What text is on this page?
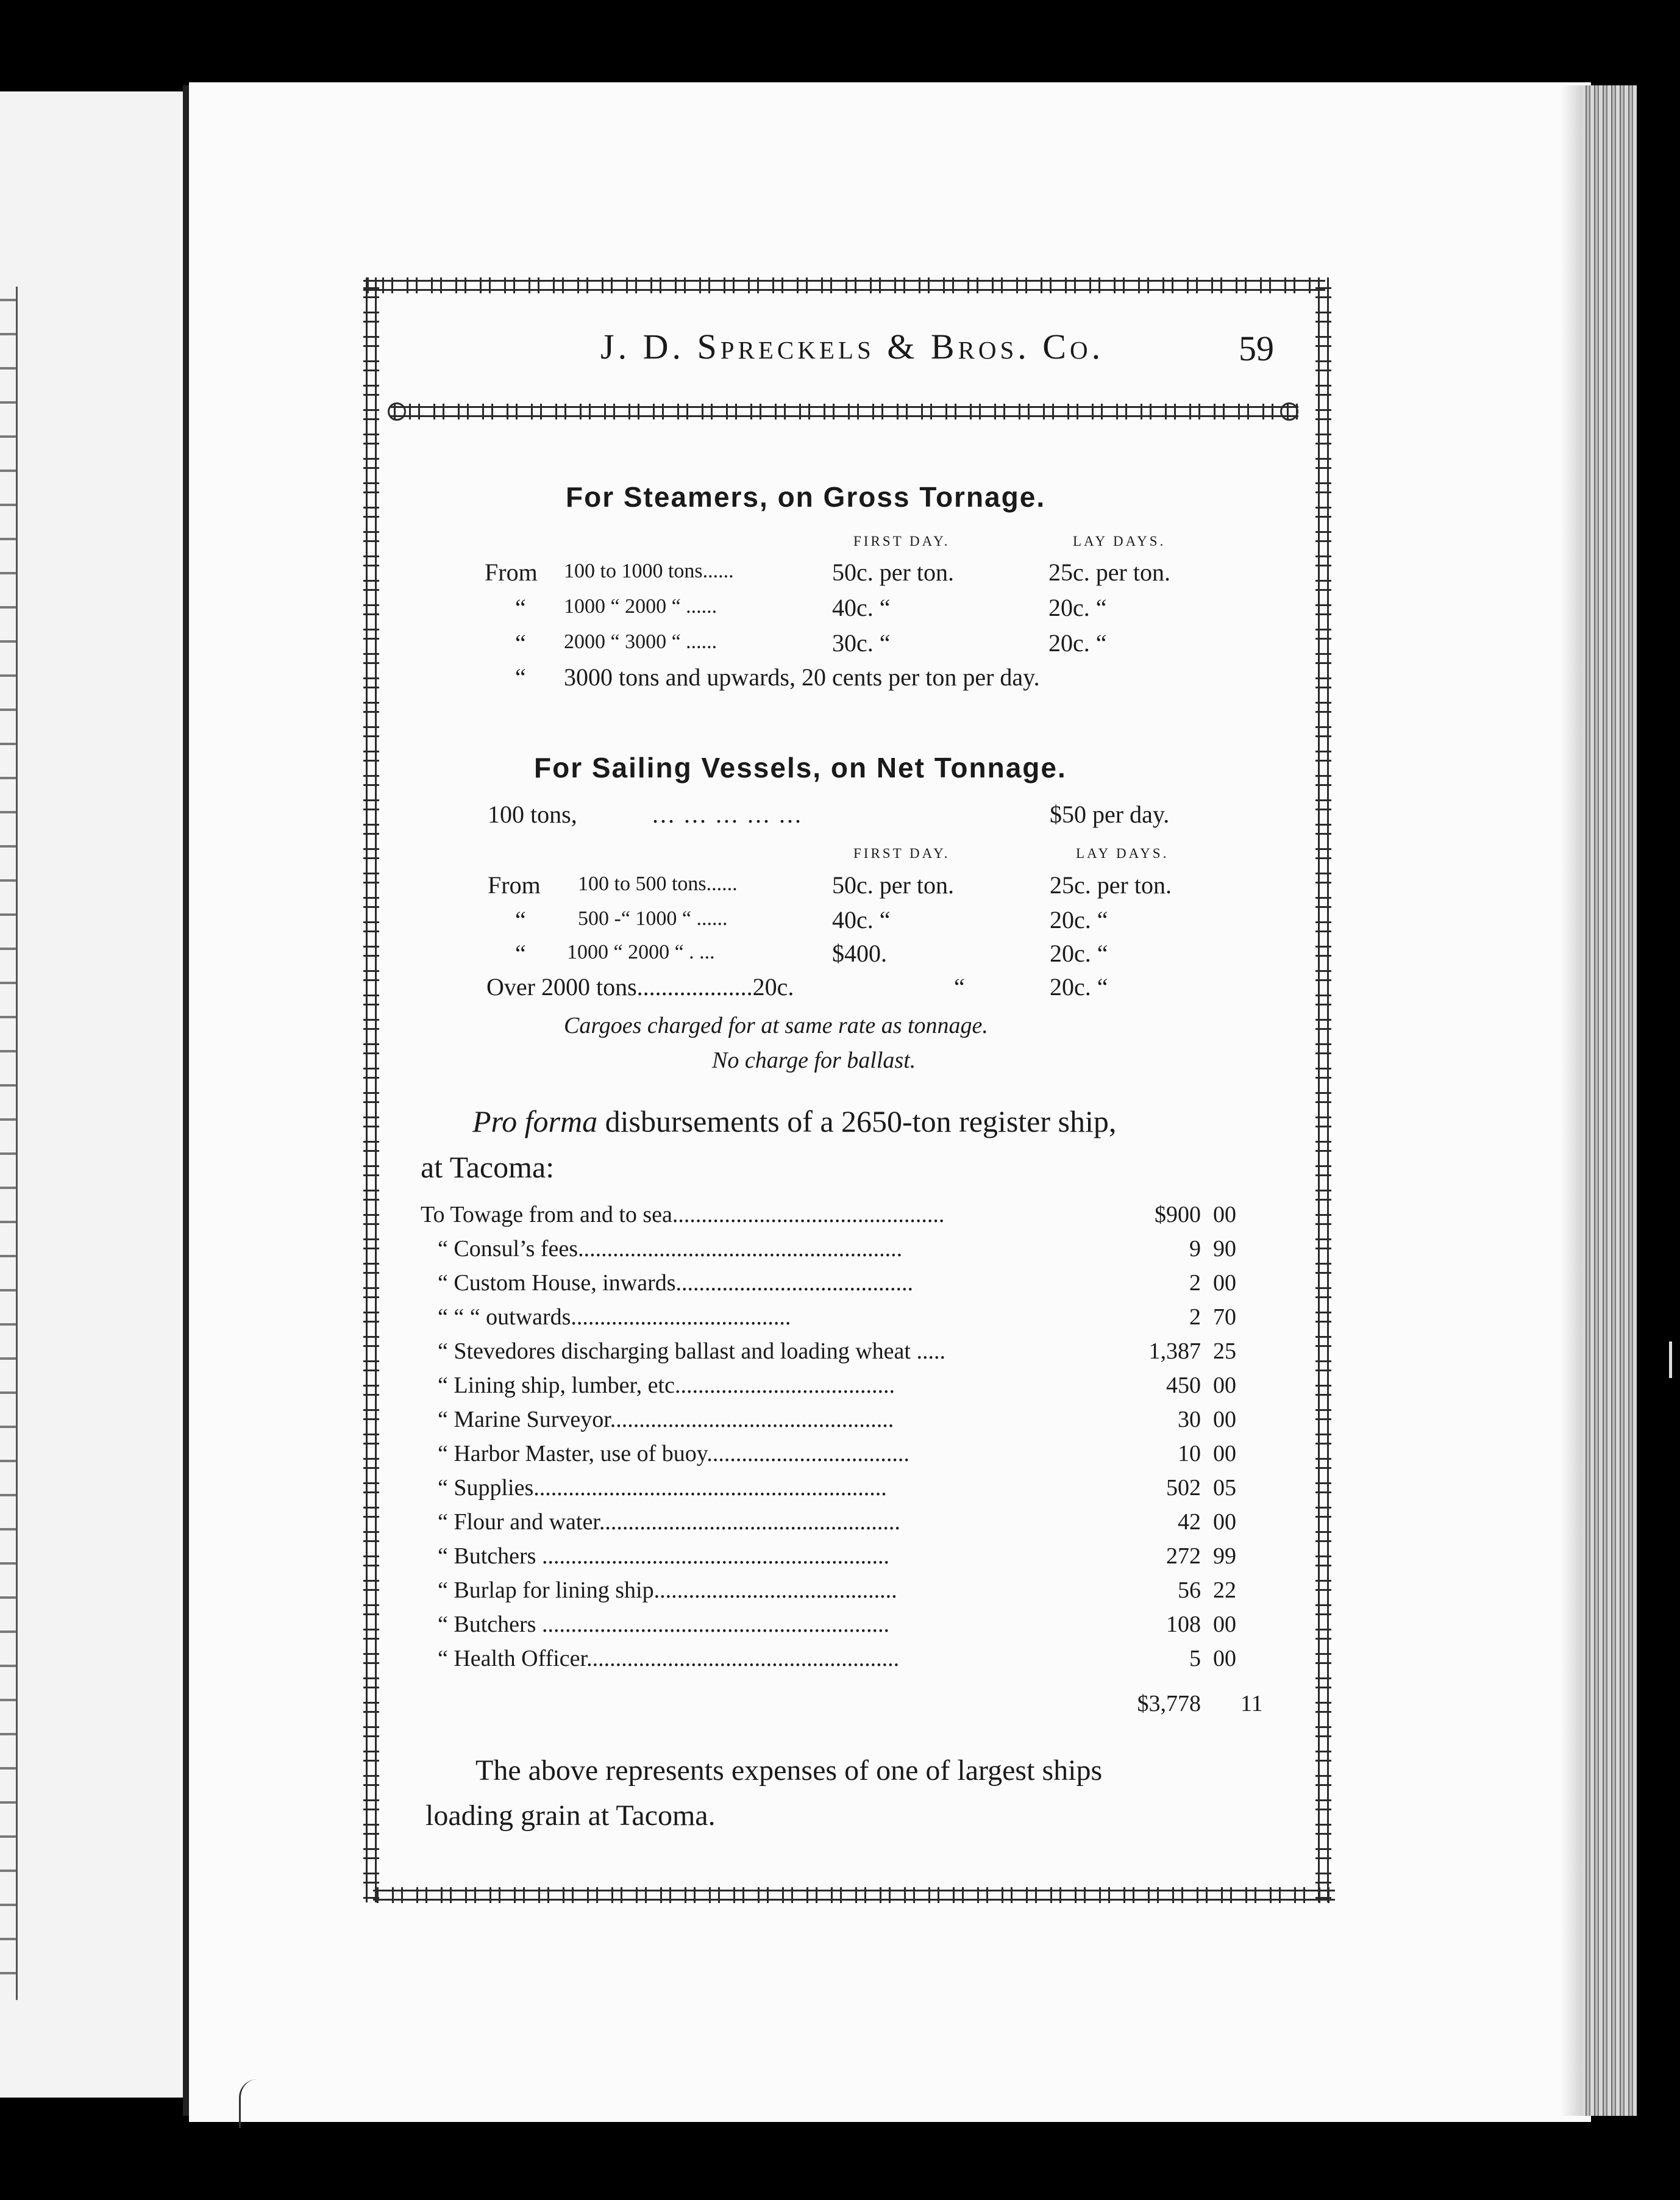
J. D. Spreckels & Bros. Co.	59
For Steamers, on Gross Tornage.
FIRST DAY.	LAY DAYS.
From 100 to 1000 tons......	50c. per ton.	25c. per ton.
“ 1000 “ 2000 “ ......	40c. “	20c. “
“ 2000 “ 3000 “ ......	30c. “	20c. “
“ 3000 tons and upwards, 20 cents per ton per day.
For Sailing Vessels, on Net Tonnage.
100 tons,	... ... ... ... ...	$50 per day.
FIRST DAY.	LAY DAYS.
From 100 to 500 tons......	50c. per ton.	25c. per ton.
“	500 -“ 1000 “ ......	40c. “	20c. “
“ 1000 “ 2000 “ . ...	$400.	20c. “
Over 2000 tons...................20c.	“	20c. “
Cargoes charged for at same rate as tonnage.
No charge for ballast.
Pro forma disbursements of a 2650-ton register ship,
at Tacoma:
To Towage from and to sea...............................................	$900 00
“ Consul’s fees........................................................	9 90
“ Custom House, inwards.........................................	2 00
“ “ “ outwards......................................	2 70
“ Stevedores discharging ballast and loading wheat .....	1,387 25
“ Lining ship, lumber, etc......................................	450 00
“ Marine Surveyor.................................................	30 00
“ Harbor Master, use of buoy...................................	10 00
“ Supplies.............................................................	502 05
“ Flour and water....................................................	42 00
“ Butchers ............................................................	272 99
“ Burlap for lining ship..........................................	56 22
“ Butchers ............................................................	108 00
“ Health Officer......................................................	5 00
$3,778 11
The above represents expenses of one of largest ships
loading grain at Tacoma.
